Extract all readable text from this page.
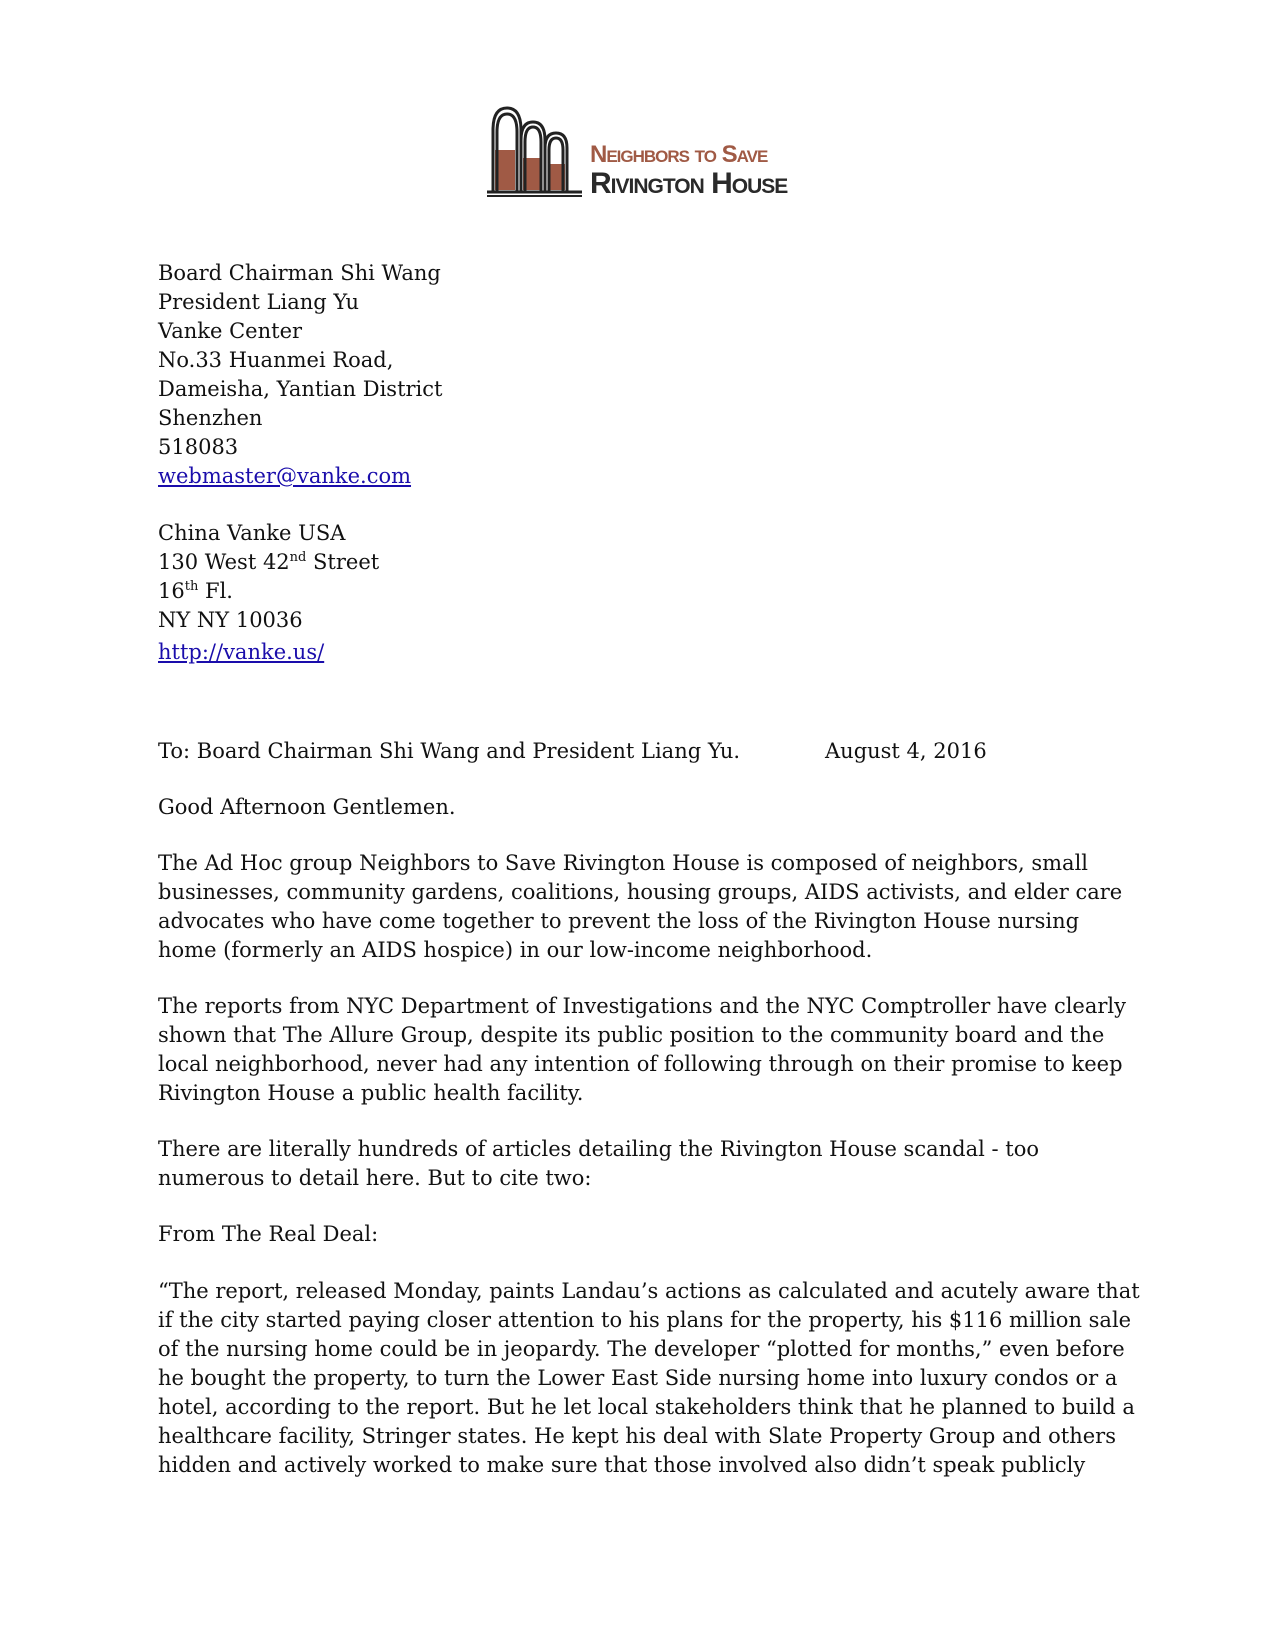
Neighbors to Save
Rivington House
Board Chairman Shi Wang
President Liang Yu
Vanke Center
No.33 Huanmei Road,
Dameisha, Yantian District
Shenzhen
518083
webmaster@vanke.com
China Vanke USA
130 West 42nd Street
16th Fl.
NY NY 10036
http://vanke.us/
To: Board Chairman Shi Wang and President Liang Yu.	August 4, 2016
Good Afternoon Gentlemen.
The Ad Hoc group Neighbors to Save Rivington House is composed of neighbors, small
businesses, community gardens, coalitions, housing groups, AIDS activists, and elder care
advocates who have come together to prevent the loss of the Rivington House nursing
home (formerly an AIDS hospice) in our low-income neighborhood.
The reports from NYC Department of Investigations and the NYC Comptroller have clearly
shown that The Allure Group, despite its public position to the community board and the
local neighborhood, never had any intention of following through on their promise to keep
Rivington House a public health facility.
There are literally hundreds of articles detailing the Rivington House scandal - too
numerous to detail here. But to cite two:
From The Real Deal:
“The report, released Monday, paints Landau’s actions as calculated and acutely aware that
if the city started paying closer attention to his plans for the property, his $116 million sale
of the nursing home could be in jeopardy. The developer “plotted for months,” even before
he bought the property, to turn the Lower East Side nursing home into luxury condos or a
hotel, according to the report. But he let local stakeholders think that he planned to build a
healthcare facility, Stringer states. He kept his deal with Slate Property Group and others
hidden and actively worked to make sure that those involved also didn’t speak publicly
